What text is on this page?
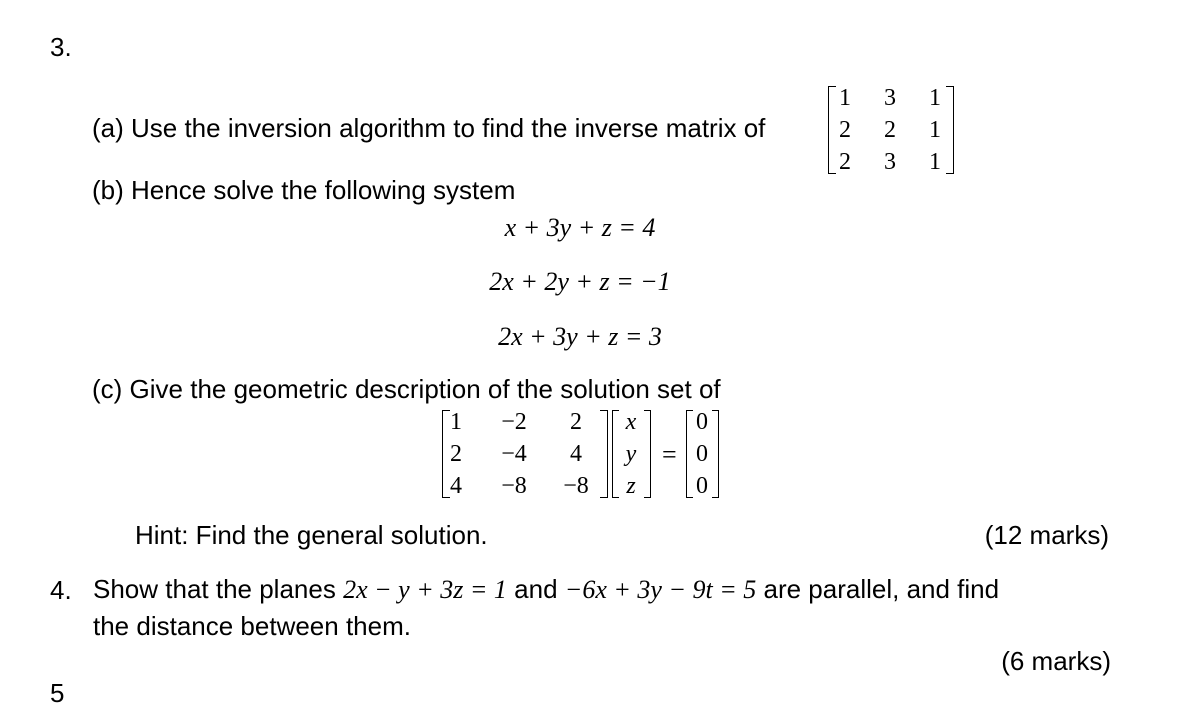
3.
(a) Use the inversion algorithm to find the inverse matrix of
1	3	1
2	2	1
2	3	1
(b) Hence solve the following system
x + 3y + z = 4
2x + 2y + z = −1
2x + 3y + z = 3
(c) Give the geometric description of the solution set of
1	−2	2
2	−4	4
4	−8	−8
x
y
z
=
0
0
0
Hint: Find the general solution.	(12 marks)
4. Show that the planes 2x − y + 3z = 1 and −6x + 3y − 9t = 5 are parallel, and find
the distance between them.
(6 marks)
5
